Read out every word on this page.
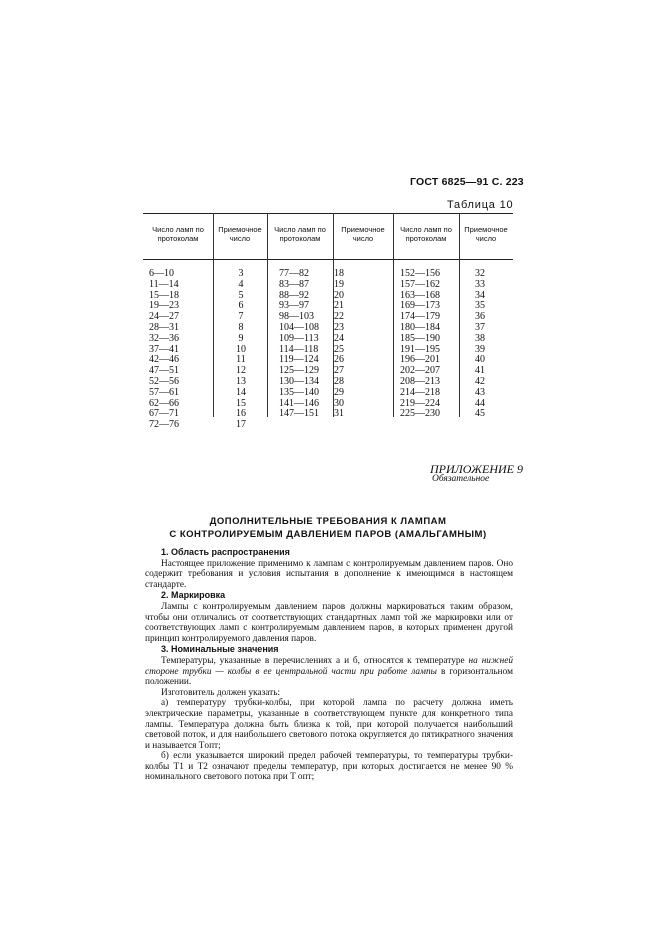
ГОСТ 6825—91 С. 223
Таблица 10
Число ламп по протоколам
Приемочное число
Число ламп по протоколам
Приемочное число
Число ламп по протоколам
Приемочное число
6—10
11—14
15—18
19—23
24—27
28—31
32—36
37—41
42—46
47—51
52—56
57—61
62—66
67—71
72—76
3
4
5
6
7
8
9
10
11
12
13
14
15
16
17
77—82
83—87
88—92
93—97
98—103
104—108
109—113
114—118
119—124
125—129
130—134
135—140
141—146
147—151
18
19
20
21
22
23
24
25
26
27
28
29
30
31
152—156
157—162
163—168
169—173
174—179
180—184
185—190
191—195
196—201
202—207
208—213
214—218
219—224
225—230
32
33
34
35
36
37
38
39
40
41
42
43
44
45
ПРИЛОЖЕНИЕ 9
Обязательное
ДОПОЛНИТЕЛЬНЫЕ ТРЕБОВАНИЯ К ЛАМПАМ
С КОНТРОЛИРУЕМЫМ ДАВЛЕНИЕМ ПАРОВ (АМАЛЬГАМНЫМ)
1. Область распространения
Настоящее приложение применимо к лампам с контролируемым давлением паров. Оно содержит требования и условия испытания в дополнение к имеющимся в настоящем стандарте.
2. Маркировка
Лампы с контролируемым давлением паров должны маркироваться таким образом, чтобы они отличались от соответствующих стандартных ламп той же маркировки или от соответствующих ламп с контролируемым давлением паров, в которых применен другой принцип контролируемого давления паров.
3. Номинальные значения
Температуры, указанные в перечислениях а и б, относятся к температуре на нижней стороне трубки — колбы в ее центральной части при работе лампы в горизонтальном положении.
Изготовитель должен указать:
а) температуру трубки-колбы, при которой лампа по расчету должна иметь электрические параметры, указанные в соответствующем пункте для конкретного типа лампы. Температура должна быть близка к той, при которой получается наибольший световой поток, и для наибольшего светового потока округляется до пятикратного значения и называется Tопт;
б) если указывается широкий предел рабочей температуры, то температуры трубки-колбы T1 и T2 означают пределы температур, при которых достигается не менее 90 % номинального светового потока при T опт;
